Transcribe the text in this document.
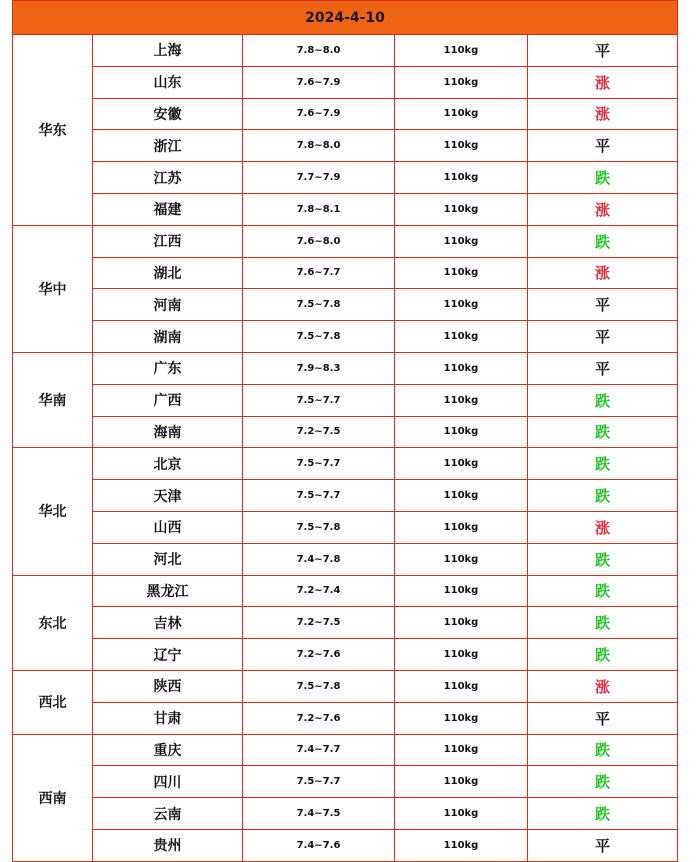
2024-4-10				
华东	上海	7.8~8.0	110kg	平
	山东	7.6~7.9	110kg	涨
	安徽	7.6~7.9	110kg	涨
	浙江	7.8~8.0	110kg	平
	江苏	7.7~7.9	110kg	跌
	福建	7.8~8.1	110kg	涨
华中	江西	7.6~8.0	110kg	跌
	湖北	7.6~7.7	110kg	涨
	河南	7.5~7.8	110kg	平
	湖南	7.5~7.8	110kg	平
华南	广东	7.9~8.3	110kg	平
	广西	7.5~7.7	110kg	跌
	海南	7.2~7.5	110kg	跌
华北	北京	7.5~7.7	110kg	跌
	天津	7.5~7.7	110kg	跌
	山西	7.5~7.8	110kg	涨
	河北	7.4~7.8	110kg	跌
东北	黑龙江	7.2~7.4	110kg	跌
	吉林	7.2~7.5	110kg	跌
	辽宁	7.2~7.6	110kg	跌
西北	陕西	7.5~7.8	110kg	涨
	甘肃	7.2~7.6	110kg	平
西南	重庆	7.4~7.7	110kg	跌
	四川	7.5~7.7	110kg	跌
	云南	7.4~7.5	110kg	跌
	贵州	7.4~7.6	110kg	平
